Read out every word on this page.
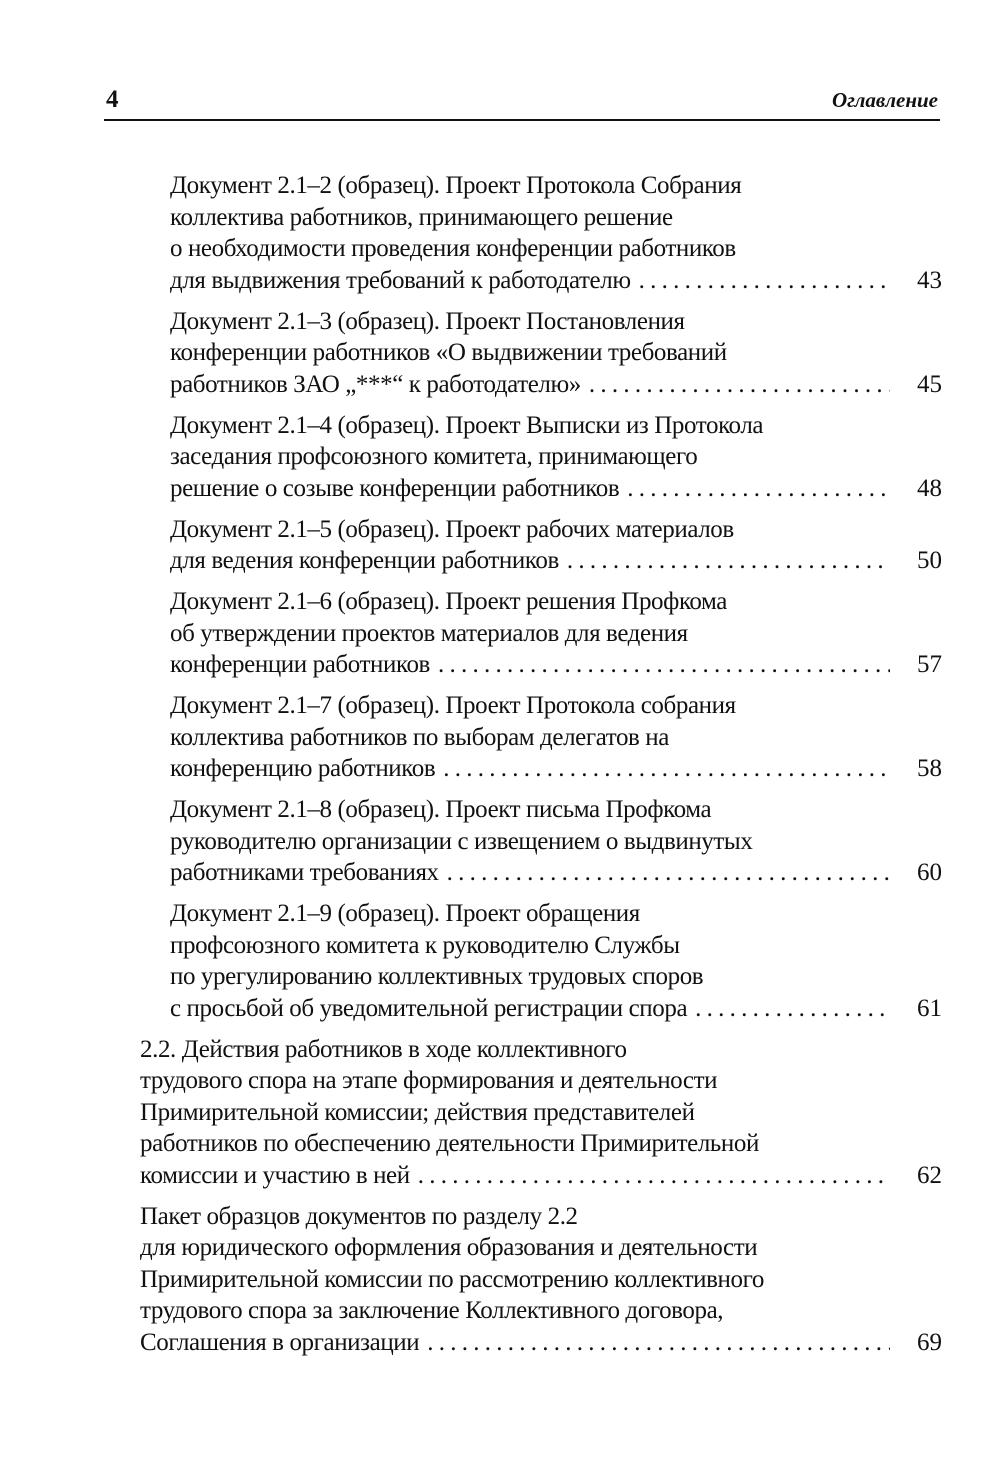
4	Оглавление
Документ 2.1–2 (образец). Проект Протокола Собрания
коллектива работников, принимающего решение
о необходимости проведения конференции работников
для выдвижения требований к работодателю . . .	43
Документ 2.1–3 (образец). Проект Постановления
конференции работников «О выдвижении требований
работников ЗАО „***“ к работодателю» . . .	45
Документ 2.1–4 (образец). Проект Выписки из Протокола
заседания профсоюзного комитета, принимающего
решение о созыве конференции работников . . .	48
Документ 2.1–5 (образец). Проект рабочих материалов
для ведения конференции работников . . .	50
Документ 2.1–6 (образец). Проект решения Профкома
об утверждении проектов материалов для ведения
конференции работников . . .	57
Документ 2.1–7 (образец). Проект Протокола собрания
коллектива работников по выборам делегатов на
конференцию работников . . .	58
Документ 2.1–8 (образец). Проект письма Профкома
руководителю организации с извещением о выдвинутых
работниками требованиях . . .	60
Документ 2.1–9 (образец). Проект обращения
профсоюзного комитета к руководителю Службы
по урегулированию коллективных трудовых споров
с просьбой об уведомительной регистрации спора . . .	61
2.2. Действия работников в ходе коллективного
трудового спора на этапе формирования и деятельности
Примирительной комиссии; действия представителей
работников по обеспечению деятельности Примирительной
комиссии и участию в ней . . .	62
Пакет образцов документов по разделу 2.2
для юридического оформления образования и деятельности
Примирительной комиссии по рассмотрению коллективного
трудового спора за заключение Коллективного договора,
Соглашения в организации . . .	69
